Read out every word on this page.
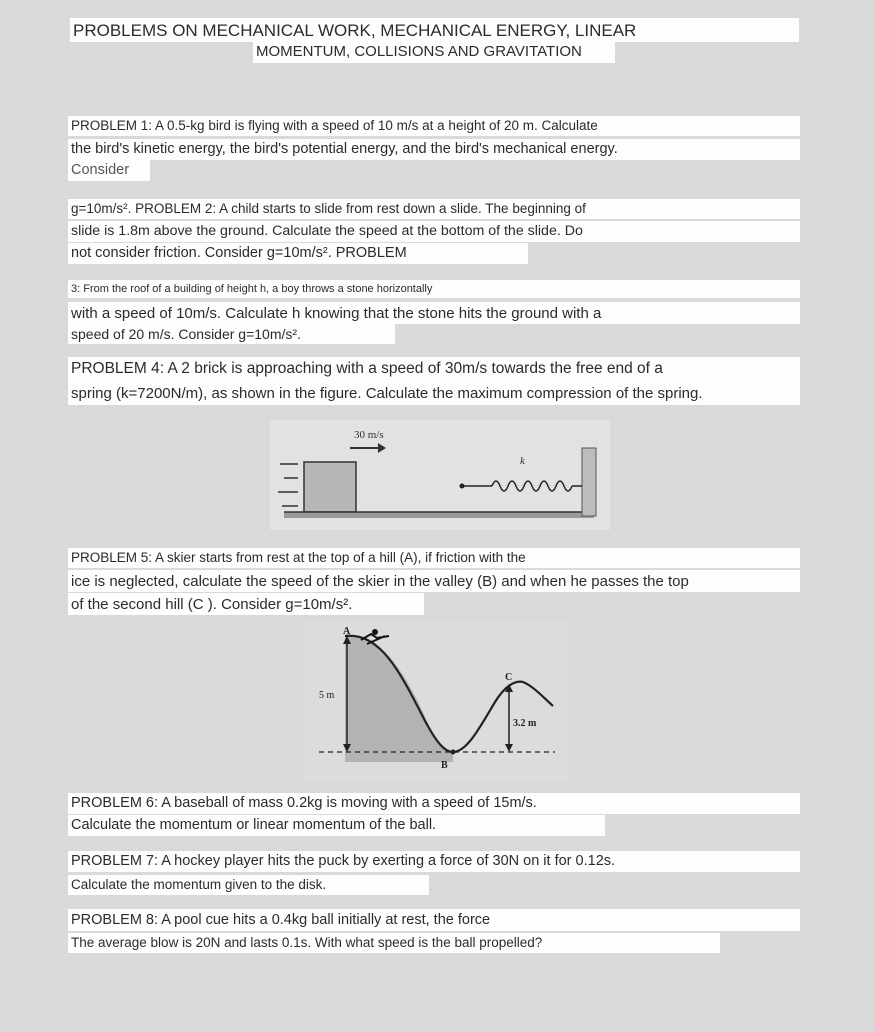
PROBLEMS ON MECHANICAL WORK, MECHANICAL ENERGY, LINEAR
MOMENTUM, COLLISIONS AND GRAVITATION
PROBLEM 1: A 0.5-kg bird is flying with a speed of 10 m/s at a height of 20 m. Calculate
the bird's kinetic energy, the bird's potential energy, and the bird's mechanical energy.
Consider
g=10m/s². PROBLEM 2: A child starts to slide from rest down a slide. The beginning of
slide is 1.8m above the ground. Calculate the speed at the bottom of the slide. Do
not consider friction. Consider g=10m/s². PROBLEM
3: From the roof of a building of height h, a boy throws a stone horizontally
with a speed of 10m/s. Calculate h knowing that the stone hits the ground with a
speed of 20 m/s. Consider g=10m/s².
PROBLEM 4: A 2 brick is approaching with a speed of 30m/s towards the free end of a
spring (k=7200N/m), as shown in the figure. Calculate the maximum compression of the spring.
30 m/s
k
PROBLEM 5: A skier starts from rest at the top of a hill (A), if friction with the
ice is neglected, calculate the speed of the skier in the valley (B) and when he passes the top
of the second hill (C ). Consider g=10m/s².
A
B
C
5 m
3.2 m
PROBLEM 6: A baseball of mass 0.2kg is moving with a speed of 15m/s.
Calculate the momentum or linear momentum of the ball.
PROBLEM 7: A hockey player hits the puck by exerting a force of 30N on it for 0.12s.
Calculate the momentum given to the disk.
PROBLEM 8: A pool cue hits a 0.4kg ball initially at rest, the force
The average blow is 20N and lasts 0.1s. With what speed is the ball propelled?
